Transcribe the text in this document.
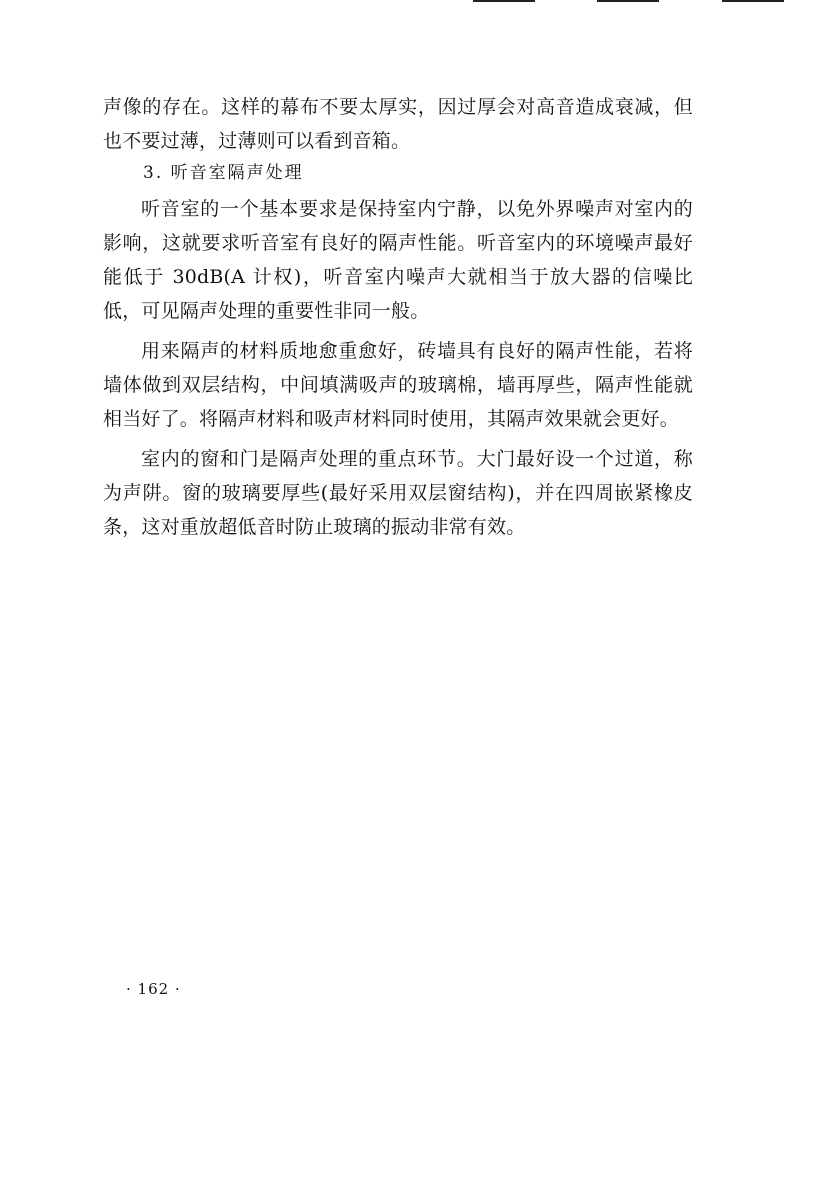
声像的存在。这样的幕布不要太厚实，因过厚会对高音造成衰减，但也不要过薄，过薄则可以看到音箱。

3. 听音室隔声处理

听音室的一个基本要求是保持室内宁静，以免外界噪声对室内的影响，这就要求听音室有良好的隔声性能。听音室内的环境噪声最好能低于 30dB(A 计权)，听音室内噪声大就相当于放大器的信噪比低，可见隔声处理的重要性非同一般。

用来隔声的材料质地愈重愈好，砖墙具有良好的隔声性能，若将墙体做到双层结构，中间填满吸声的玻璃棉，墙再厚些，隔声性能就相当好了。将隔声材料和吸声材料同时使用，其隔声效果就会更好。

室内的窗和门是隔声处理的重点环节。大门最好设一个过道，称为声阱。窗的玻璃要厚些(最好采用双层窗结构)，并在四周嵌紧橡皮条，这对重放超低音时防止玻璃的振动非常有效。

· 162 ·
